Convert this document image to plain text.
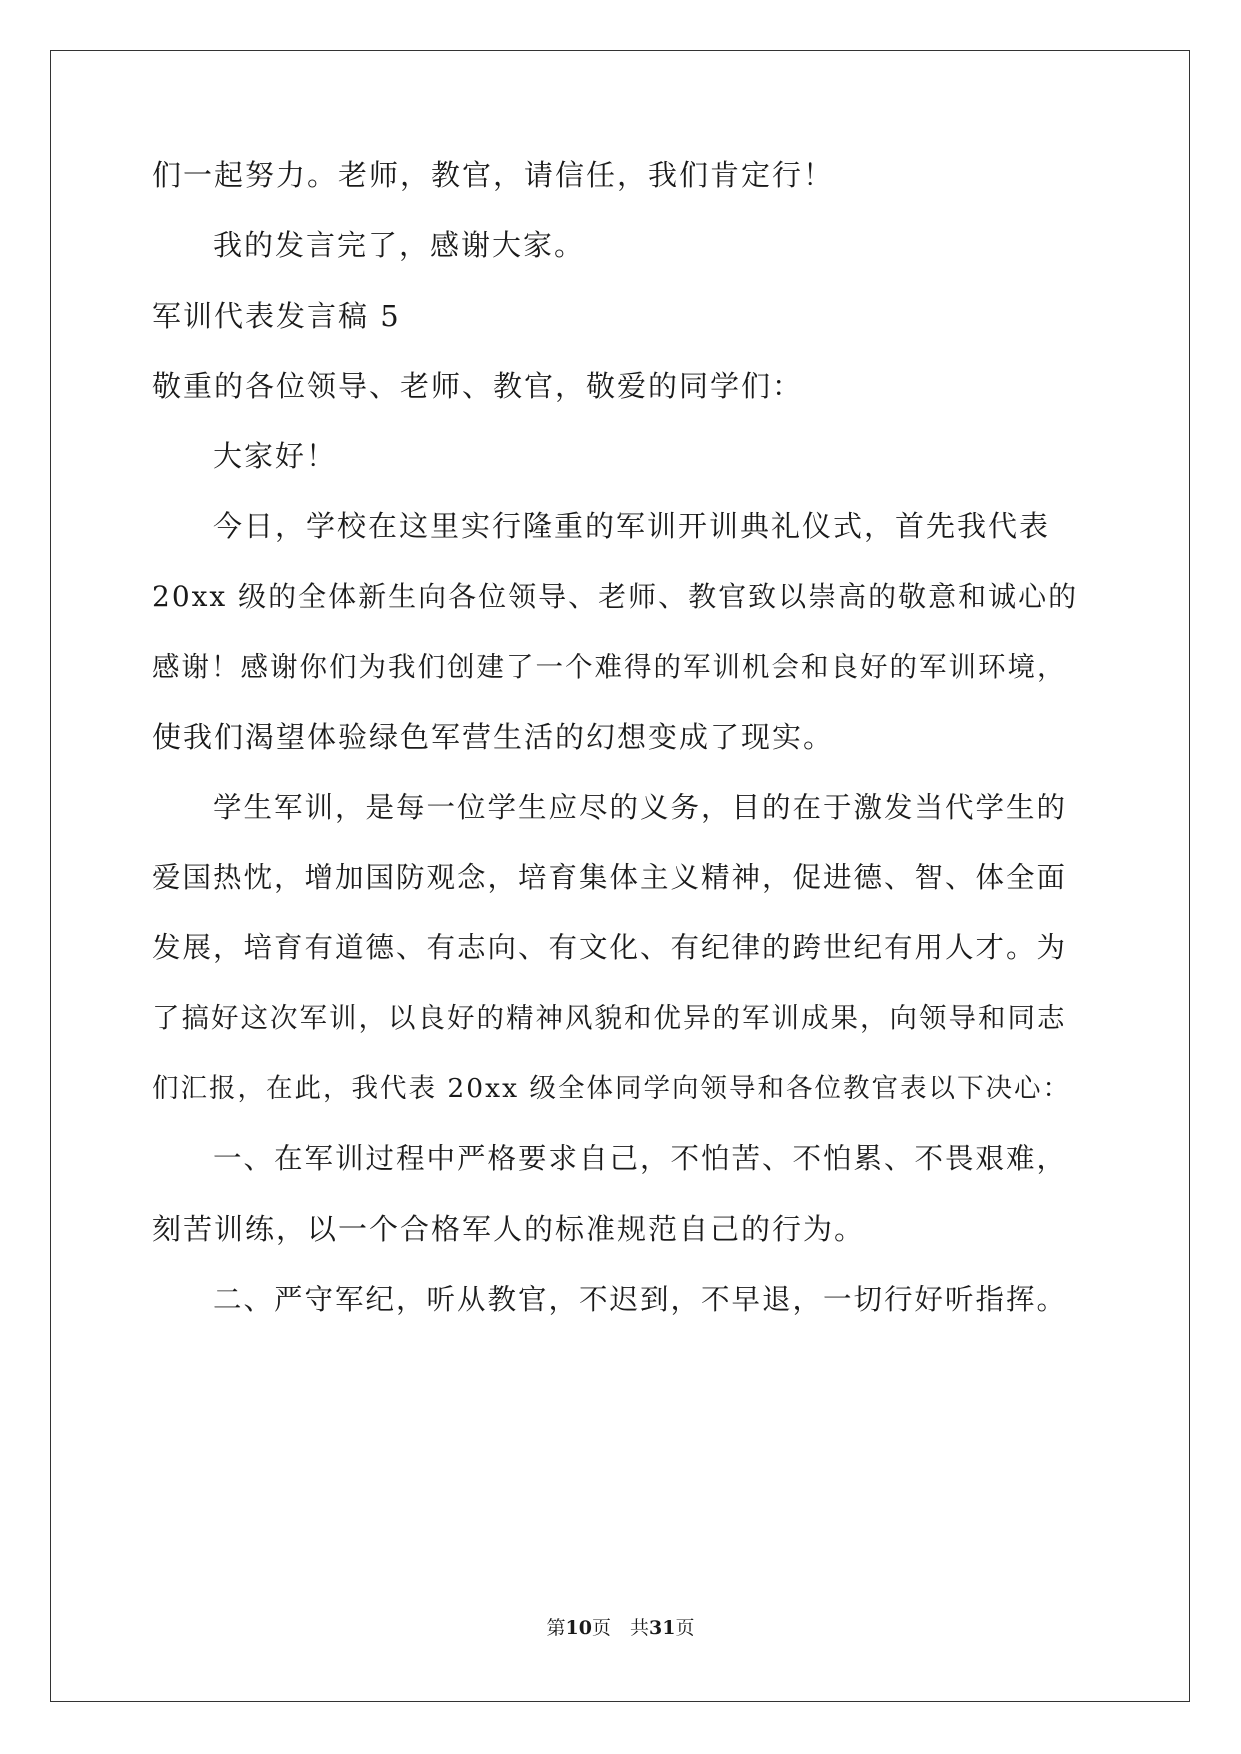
们一起努力。老师，教官，请信任，我们肯定行！
我的发言完了，感谢大家。
军训代表发言稿 5
敬重的各位领导、老师、教官，敬爱的同学们：
大家好！
今日，学校在这里实行隆重的军训开训典礼仪式，首先我代表
20xx 级的全体新生向各位领导、老师、教官致以崇高的敬意和诚心的
感谢！感谢你们为我们创建了一个难得的军训机会和良好的军训环境，
使我们渴望体验绿色军营生活的幻想变成了现实。
学生军训，是每一位学生应尽的义务，目的在于激发当代学生的
爱国热忱，增加国防观念，培育集体主义精神，促进德、智、体全面
发展，培育有道德、有志向、有文化、有纪律的跨世纪有用人才。为
了搞好这次军训，以良好的精神风貌和优异的军训成果，向领导和同志
们汇报，在此，我代表 20xx 级全体同学向领导和各位教官表以下决心：
一、在军训过程中严格要求自己，不怕苦、不怕累、不畏艰难，
刻苦训练，以一个合格军人的标准规范自己的行为。
二、严守军纪，听从教官，不迟到，不早退，一切行好听指挥。
第10页　共31页
